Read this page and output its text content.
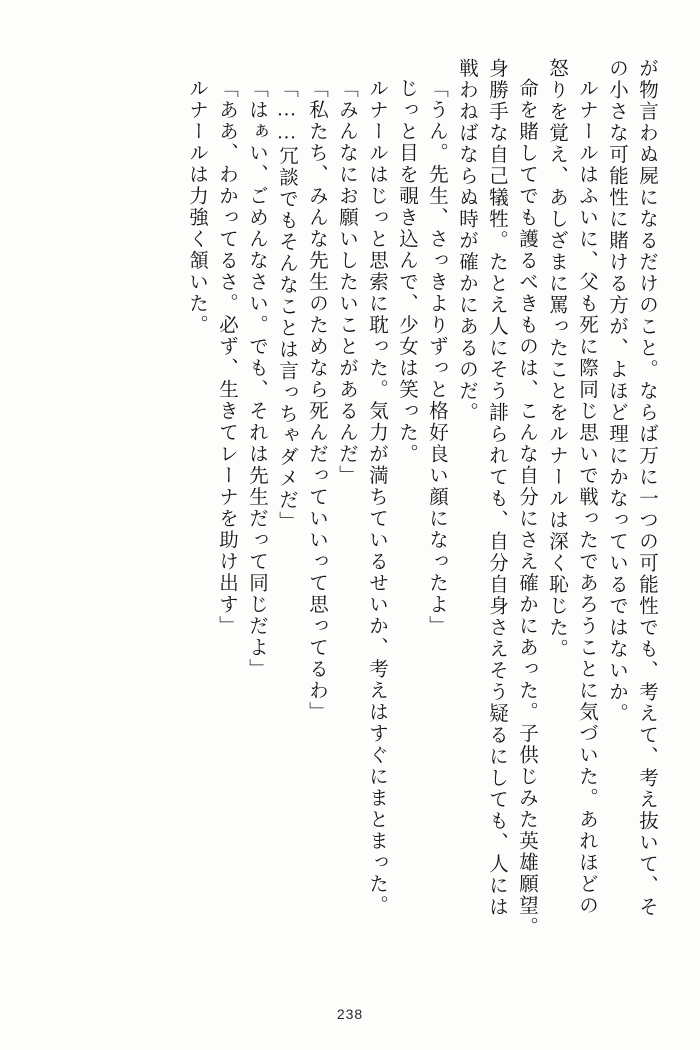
が物言わぬ屍になるだけのこと。ならば万に一つの可能性でも、考えて、考え抜いて、そ
の小さな可能性に賭ける方が、よほど理にかなっているではないか。
ルナールはふいに、父も死に際同じ思いで戦ったであろうことに気づいた。あれほどの
怒りを覚え、あしざまに罵ったことをルナールは深く恥じた。
命を賭してでも護るべきものは、こんな自分にさえ確かにあった。子供じみた英雄願望。
身勝手な自己犠牲。たとえ人にそう誹られても、自分自身さえそう疑るにしても、人には
戦わねばならぬ時が確かにあるのだ。
「うん。先生、さっきよりずっと格好良い顔になったよ」
じっと目を覗き込んで、少女は笑った。
ルナールはじっと思索に耽った。気力が満ちているせいか、考えはすぐにまとまった。
「みんなにお願いしたいことがあるんだ」
「私たち、みんな先生のためなら死んだっていいって思ってるわ」
「……冗談でもそんなことは言っちゃダメだ」
「はぁい、ごめんなさい。でも、それは先生だって同じだよ」
「ああ、わかってるさ。必ず、生きてレーナを助け出す」
ルナールは力強く頷いた。
238
